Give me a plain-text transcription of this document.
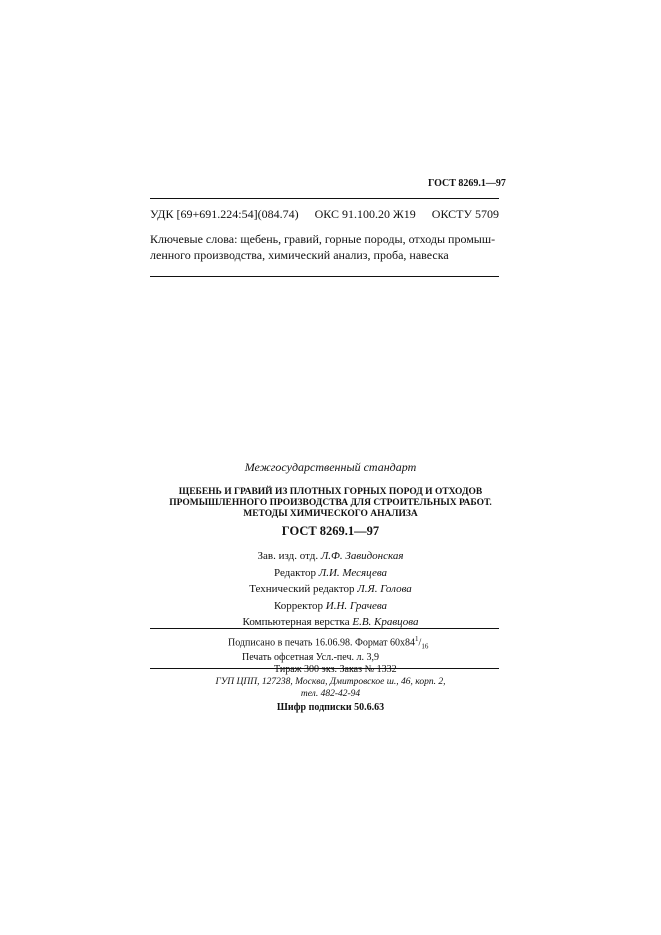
ГОСТ 8269.1—97
УДК [69+691.224:54](084.74) ОКС 91.100.20 Ж19 ОКСТУ 5709
Ключевые слова: щебень, гравий, горные породы, отходы промыш-
ленного производства, химический анализ, проба, навеска
Межгосударственный стандарт
ЩЕБЕНЬ И ГРАВИЙ ИЗ ПЛОТНЫХ ГОРНЫХ ПОРОД И ОТХОДОВ
ПРОМЫШЛЕННОГО ПРОИЗВОДСТВА ДЛЯ СТРОИТЕЛЬНЫХ РАБОТ.
МЕТОДЫ ХИМИЧЕСКОГО АНАЛИЗА
ГОСТ 8269.1—97
Зав. изд. отд. Л.Ф. Завидонская
Редактор Л.И. Месяцева
Технический редактор Л.Я. Голова
Корректор И.Н. Грачева
Компьютерная верстка Е.В. Кравцова
Подписано в печать 16.06.98. Формат $60x84^1/_{16}$
Печать офсетная Усл.-печ. л. 3,9
Тираж 300 экз. Заказ № 1332
ГУП ЦПП, 127238, Москва, Дмитровское ш., 46, корп. 2,
тел. 482-42-94
Шифр подписки 50.6.63
